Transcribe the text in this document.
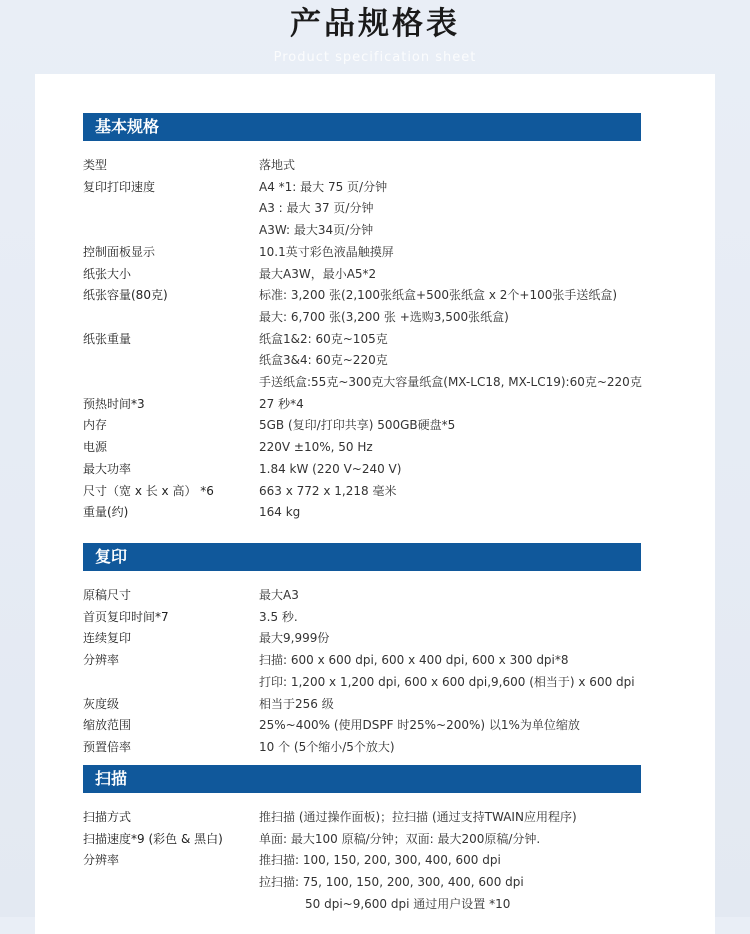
产品规格表
Product specification sheet
基本规格
类型	落地式
复印打印速度	A4 *1: 最大 75 页/分钟
A3 : 最大 37 页/分钟
A3W: 最大34页/分钟
控制面板显示	10.1英寸彩色液晶触摸屏
纸张大小	最大A3W，最小A5*2
纸张容量(80克)	标准: 3,200 张(2,100张纸盒+500张纸盒 x 2个+100张手送纸盒)
最大: 6,700 张(3,200 张 +选购3,500张纸盒)
纸张重量	纸盒1&2: 60克~105克
纸盒3&4: 60克~220克
手送纸盒:55克~300克大容量纸盒(MX-LC18, MX-LC19):60克~220克
预热时间*3	27 秒*4
内存	5GB (复印/打印共享) 500GB硬盘*5
电源	220V ±10%, 50 Hz
最大功率	1.84 kW (220 V~240 V)
尺寸（宽 x 长 x 高） *6	663 x 772 x 1,218 毫米
重量(约)	164 kg
复印
原稿尺寸	最大A3
首页复印时间*7	3.5 秒.
连续复印	最大9,999份
分辨率	扫描: 600 x 600 dpi, 600 x 400 dpi, 600 x 300 dpi*8
打印: 1,200 x 1,200 dpi, 600 x 600 dpi,9,600 (相当于) x 600 dpi
灰度级	相当于256 级
缩放范围	25%~400% (使用DSPF 时25%~200%) 以1%为单位缩放
预置倍率	10 个 (5个缩小/5个放大)
扫描
扫描方式	推扫描 (通过操作面板)；拉扫描 (通过支持TWAIN应用程序)
扫描速度*9 (彩色 & 黑白)	单面: 最大100 原稿/分钟；双面: 最大200原稿/分钟.
分辨率	推扫描: 100, 150, 200, 300, 400, 600 dpi
拉扫描: 75, 100, 150, 200, 300, 400, 600 dpi
50 dpi~9,600 dpi 通过用户设置 *10
